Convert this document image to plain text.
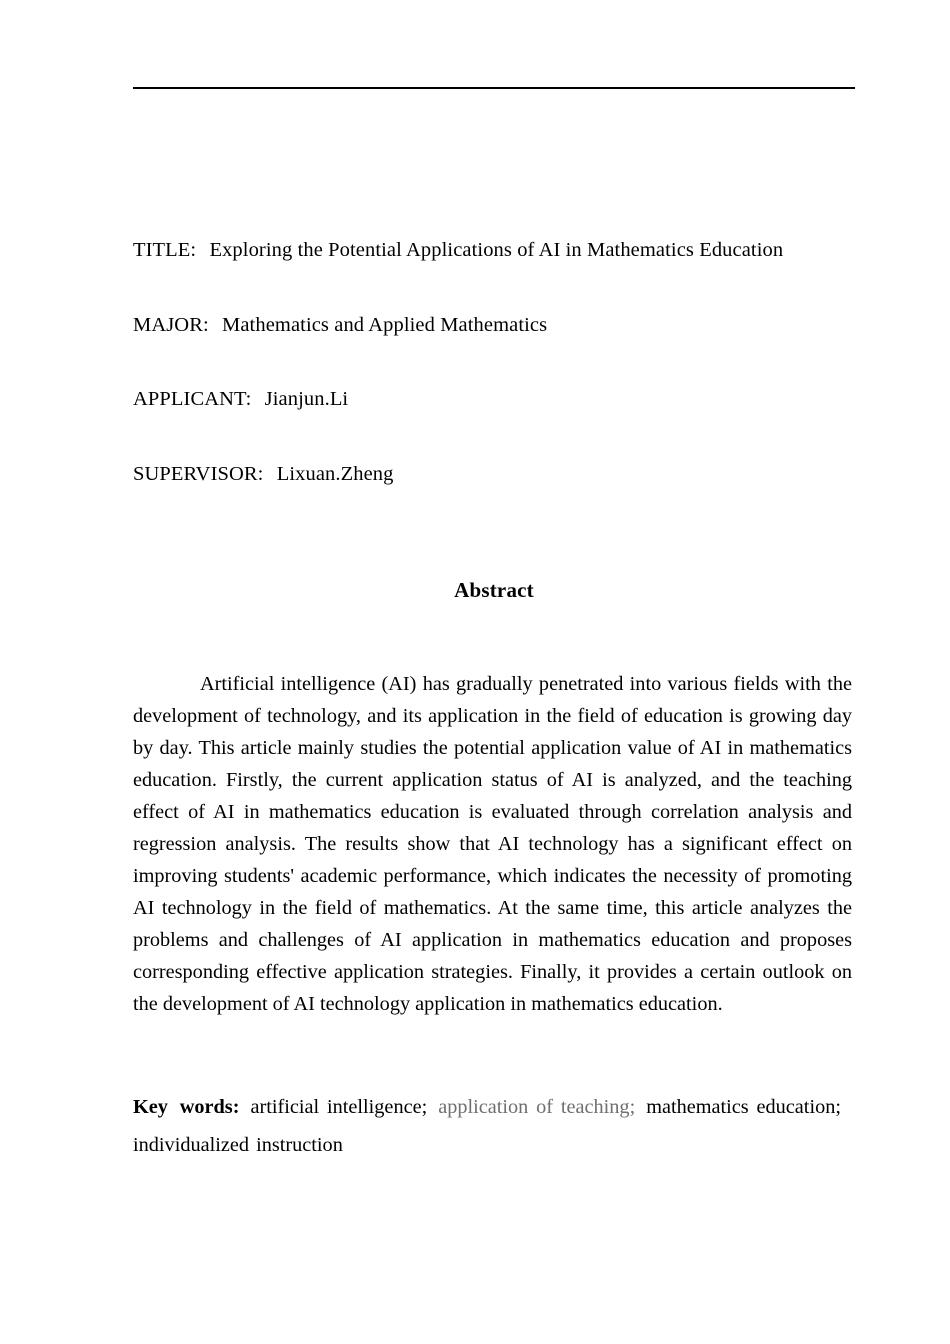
TITLE: Exploring the Potential Applications of AI in Mathematics Education
MAJOR: Mathematics and Applied Mathematics
APPLICANT: Jianjun.Li
SUPERVISOR: Lixuan.Zheng
Abstract
Artificial intelligence (AI) has gradually penetrated into various fields with the development of technology, and its application in the field of education is growing day by day. This article mainly studies the potential application value of AI in mathematics education. Firstly, the current application status of AI is analyzed, and the teaching effect of AI in mathematics education is evaluated through correlation analysis and regression analysis. The results show that AI technology has a significant effect on improving students' academic performance, which indicates the necessity of promoting AI technology in the field of mathematics. At the same time, this article analyzes the problems and challenges of AI application in mathematics education and proposes corresponding effective application strategies. Finally, it provides a certain outlook on the development of AI technology application in mathematics education.
Key words: artificial intelligence; application of teaching; mathematics education;individualized instruction
